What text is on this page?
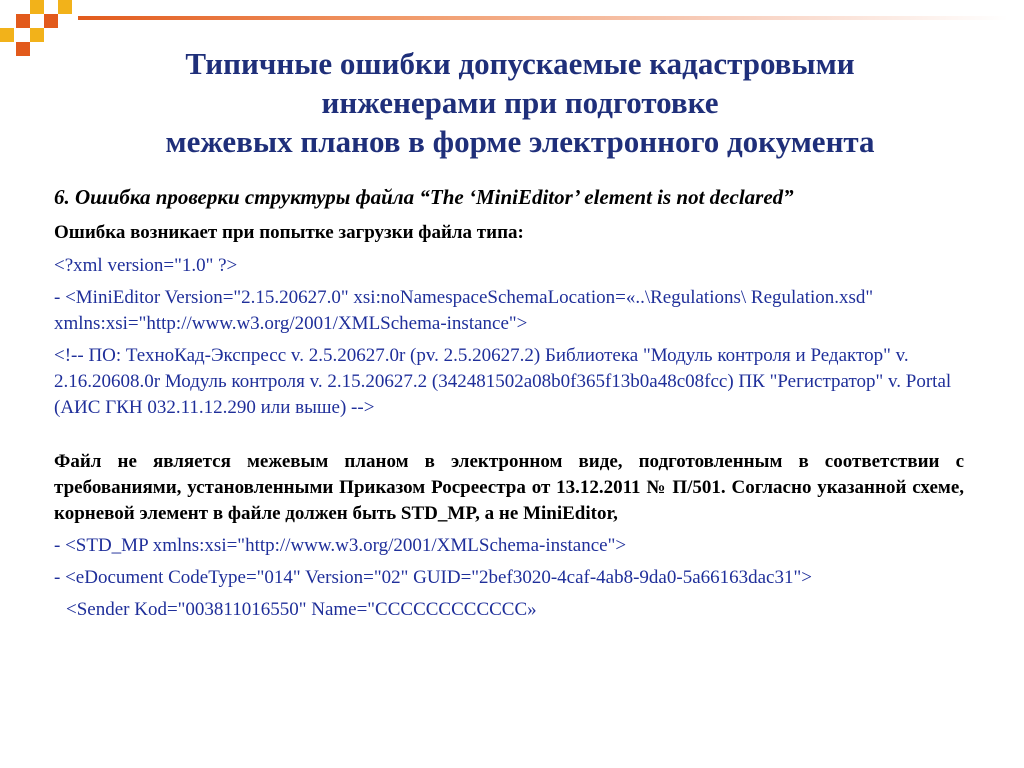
Типичные ошибки допускаемые кадастровыми
инженерами при подготовке
межевых планов в форме электронного документа
6. Ошибка проверки структуры файла “The ‘MiniEditor’ element is not declared”
Ошибка возникает при попытке загрузки файла типа:
<?xml version="1.0" ?>
- <MiniEditor Version="2.15.20627.0" xsi:noNamespaceSchemaLocation=«..\Regulations\ Regulation.xsd" xmlns:xsi="http://www.w3.org/2001/XMLSchema-instance">
<!-- ПО: ТехноКад-Экспресс v. 2.5.20627.0r (pv. 2.5.20627.2) Библиотека "Модуль контроля и Редактор" v. 2.16.20608.0r Модуль контроля v. 2.15.20627.2 (342481502a08b0f365f13b0a48c08fcc) ПК "Регистратор" v. Portal (АИС ГКН 032.11.12.290 или выше) -->
Файл не является межевым планом в электронном виде, подготовленным в соответствии с требованиями, установленными Приказом Росреестра от 13.12.2011 № П/501. Согласно указанной схеме, корневой элемент в файле должен быть STD_MP, а не MiniEditor,
- <STD_MP xmlns:xsi="http://www.w3.org/2001/XMLSchema-instance">
- <eDocument CodeType="014" Version="02" GUID="2bef3020-4caf-4ab8-9da0-5a66163dac31">
<Sender Kod="003811016550" Name="CCCCCCCCCCCC»
